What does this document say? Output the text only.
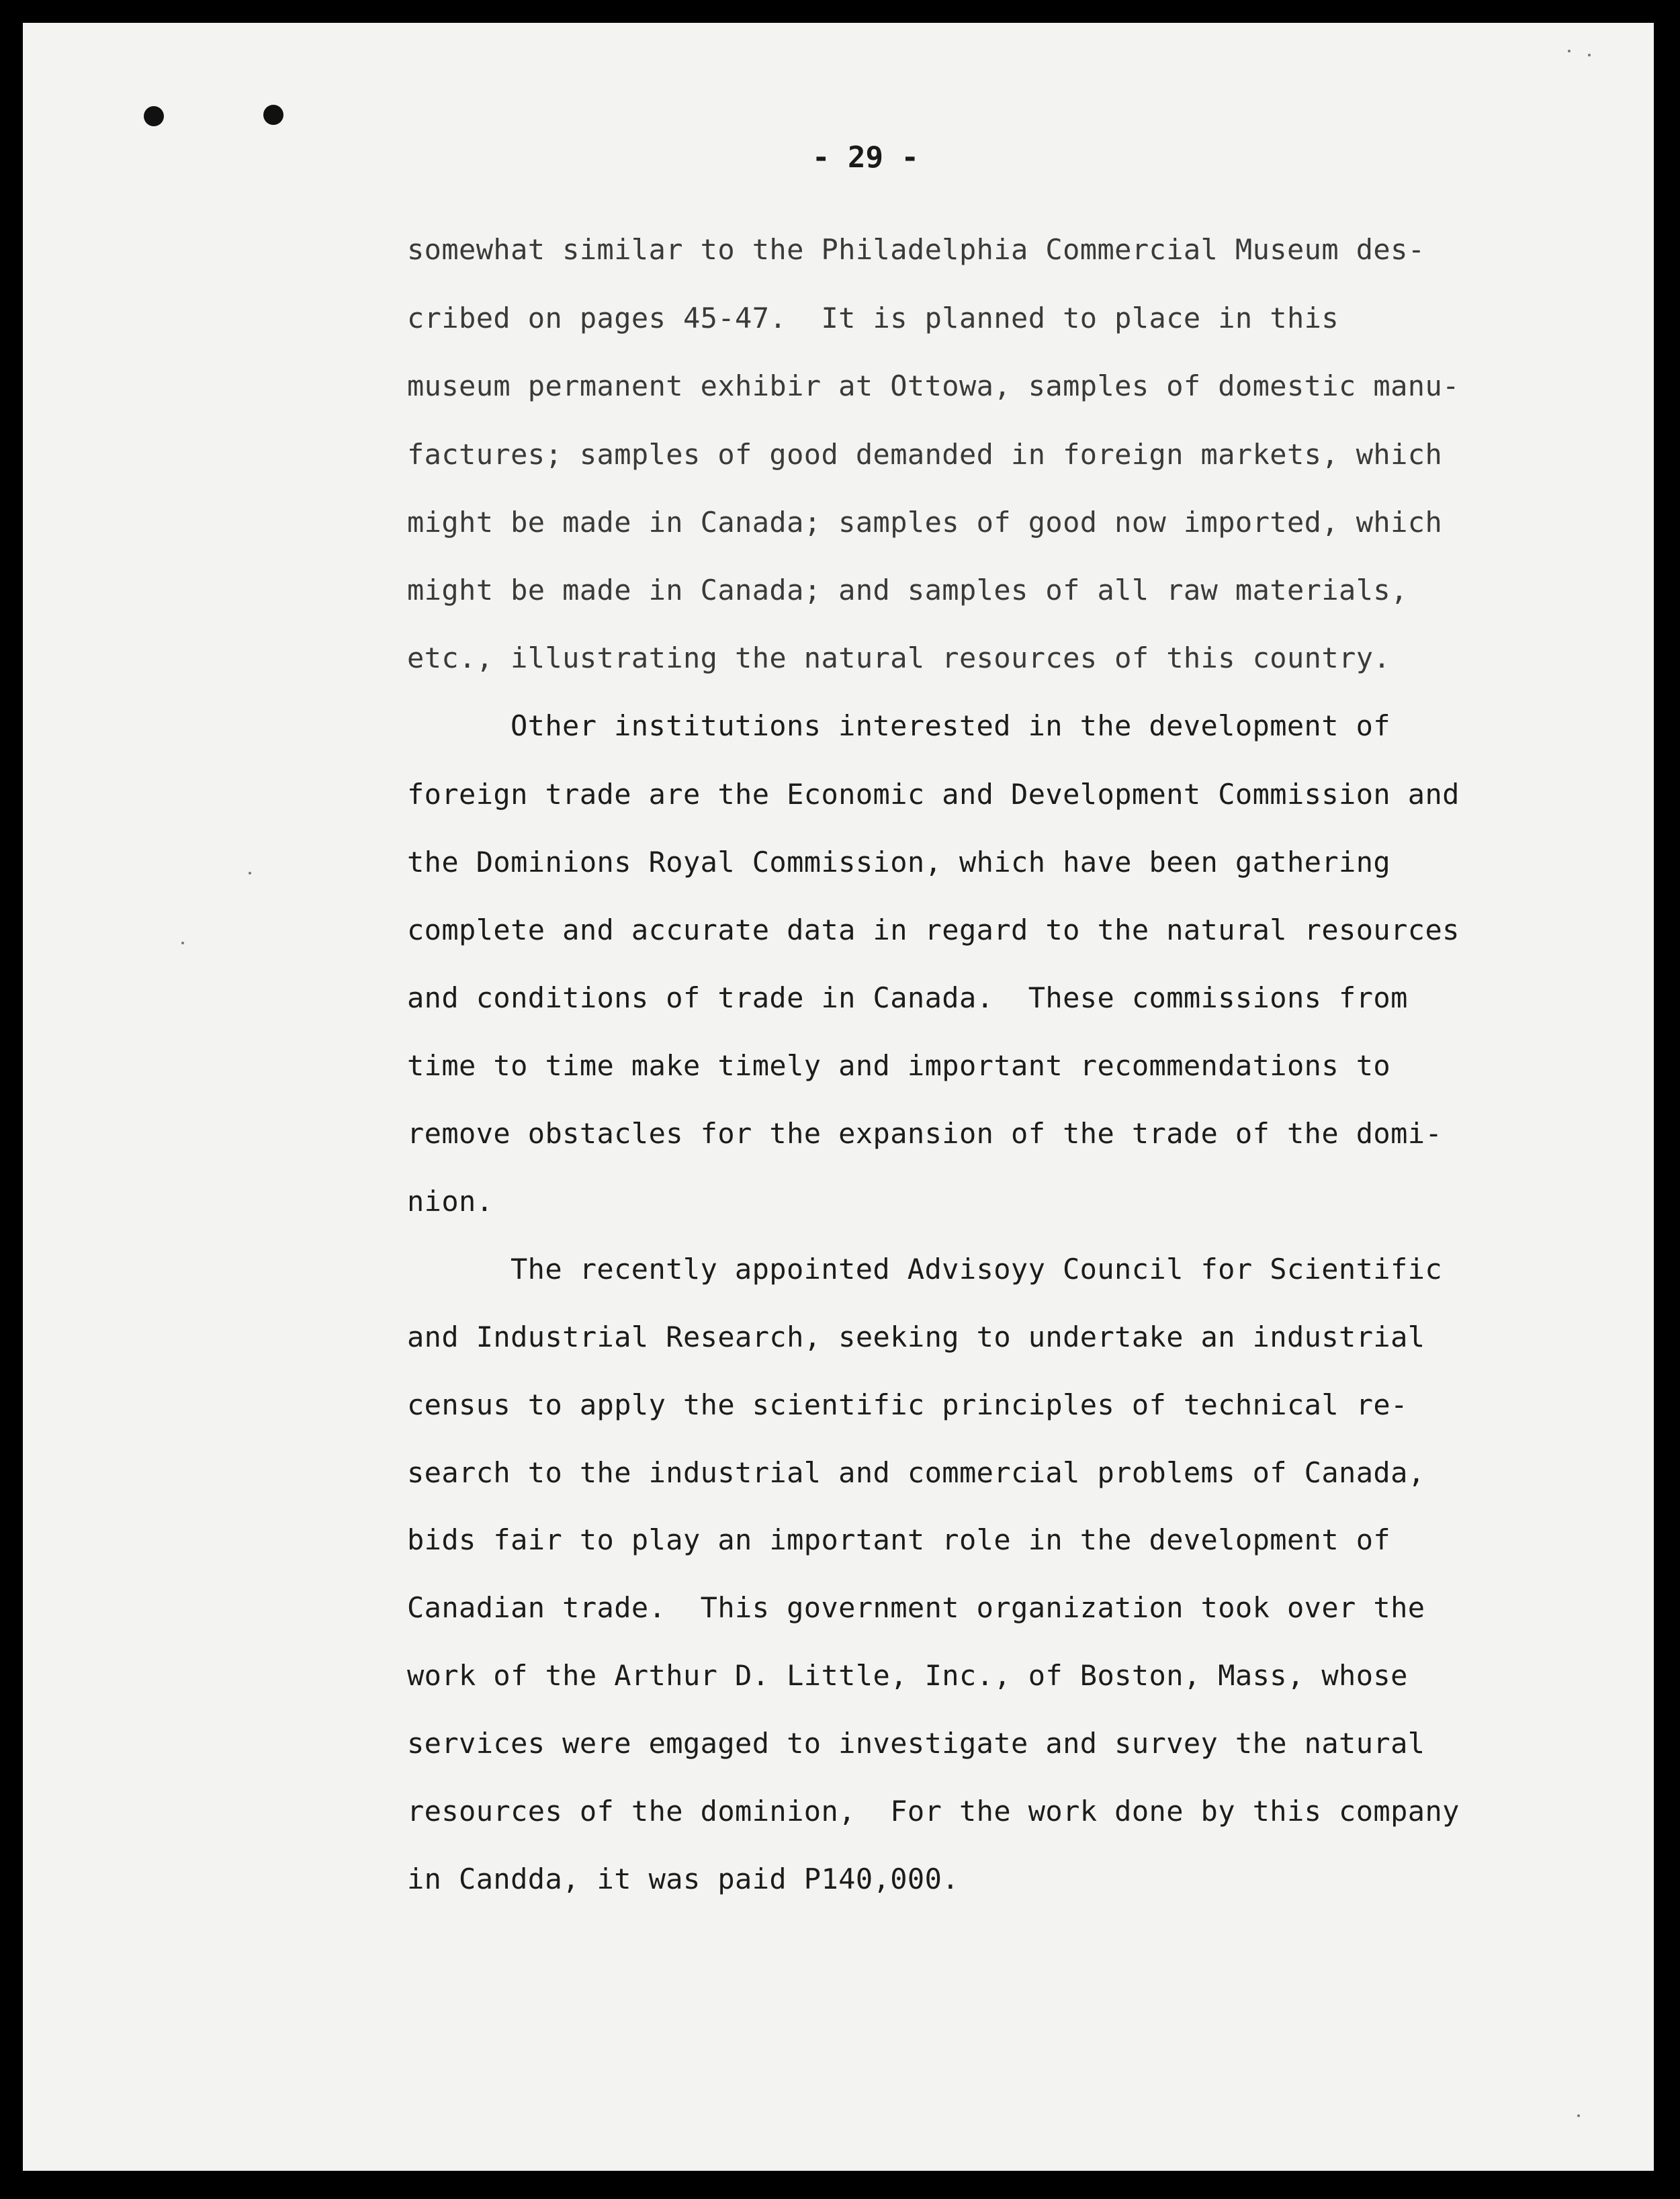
- 29 -
somewhat similar to the Philadelphia Commercial Museum des-
cribed on pages 45-47.  It is planned to place in this
museum permanent exhibir at Ottowa, samples of domestic manu-
factures; samples of good demanded in foreign markets, which
might be made in Canada; samples of good now imported, which
might be made in Canada; and samples of all raw materials,
etc., illustrating the natural resources of this country.
Other institutions interested in the development of
foreign trade are the Economic and Development Commission and
the Dominions Royal Commission, which have been gathering
complete and accurate data in regard to the natural resources
and conditions of trade in Canada.  These commissions from
time to time make timely and important recommendations to
remove obstacles for the expansion of the trade of the domi-
nion.
The recently appointed Advisoyy Council for Scientific
and Industrial Research, seeking to undertake an industrial
census to apply the scientific principles of technical re-
search to the industrial and commercial problems of Canada,
bids fair to play an important role in the development of
Canadian trade.  This government organization took over the
work of the Arthur D. Little, Inc., of Boston, Mass, whose
services were emgaged to investigate and survey the natural
resources of the dominion,  For the work done by this company
in Candda, it was paid P140,000.
